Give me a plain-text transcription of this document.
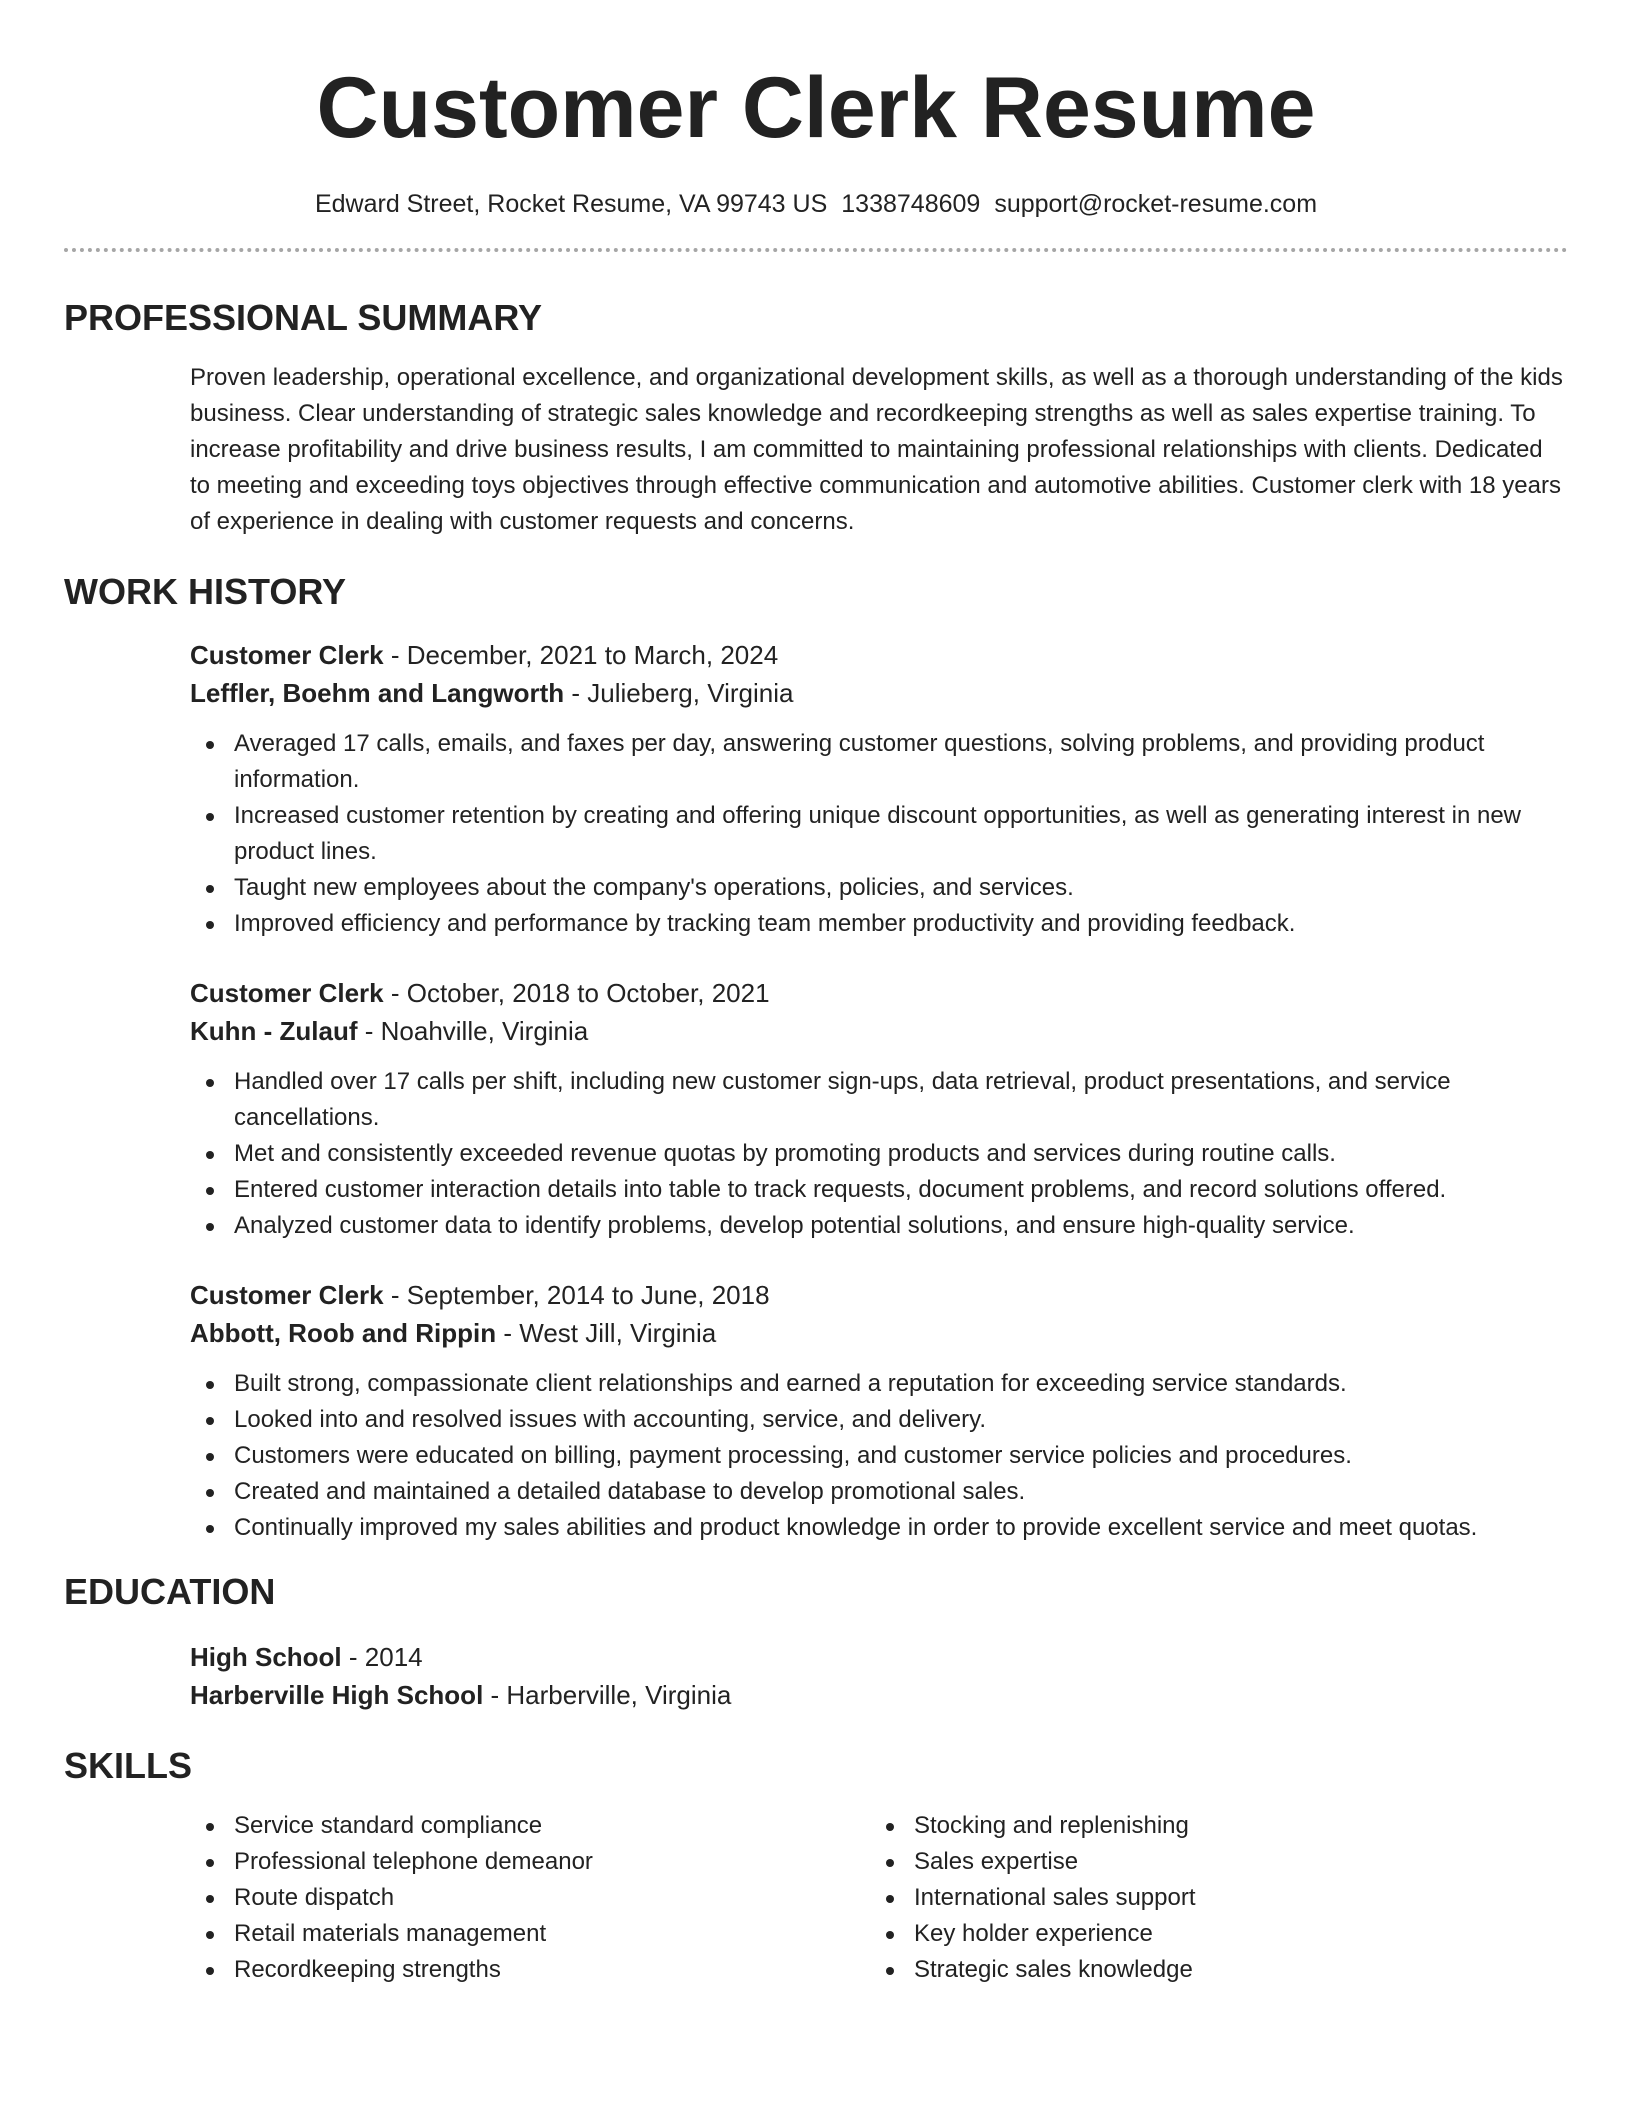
Customer Clerk Resume
Edward Street, Rocket Resume, VA 99743 US 1338748609 support@rocket-resume.com
PROFESSIONAL SUMMARY

Proven leadership, operational excellence, and organizational development skills, as well as a thorough understanding of the kids business. Clear understanding of strategic sales knowledge and recordkeeping strengths as well as sales expertise training. To increase profitability and drive business results, I am committed to maintaining professional relationships with clients. Dedicated to meeting and exceeding toys objectives through effective communication and automotive abilities. Customer clerk with 18 years of experience in dealing with customer requests and concerns.

WORK HISTORY
Customer Clerk - December, 2021 to March, 2024
Leffler, Boehm and Langworth - Julieberg, Virginia
Averaged 17 calls, emails, and faxes per day, answering customer questions, solving problems, and providing product information.
Increased customer retention by creating and offering unique discount opportunities, as well as generating interest in new product lines.
Taught new employees about the company's operations, policies, and services.
Improved efficiency and performance by tracking team member productivity and providing feedback.
Customer Clerk - October, 2018 to October, 2021
Kuhn - Zulauf - Noahville, Virginia
Handled over 17 calls per shift, including new customer sign-ups, data retrieval, product presentations, and service cancellations.
Met and consistently exceeded revenue quotas by promoting products and services during routine calls.
Entered customer interaction details into table to track requests, document problems, and record solutions offered.
Analyzed customer data to identify problems, develop potential solutions, and ensure high-quality service.
Customer Clerk - September, 2014 to June, 2018
Abbott, Roob and Rippin - West Jill, Virginia
Built strong, compassionate client relationships and earned a reputation for exceeding service standards.
Looked into and resolved issues with accounting, service, and delivery.
Customers were educated on billing, payment processing, and customer service policies and procedures.
Created and maintained a detailed database to develop promotional sales.
Continually improved my sales abilities and product knowledge in order to provide excellent service and meet quotas.
EDUCATION
High School - 2014
Harberville High School - Harberville, Virginia
SKILLS
Service standard compliance
Professional telephone demeanor
Route dispatch
Retail materials management
Recordkeeping strengths
Stocking and replenishing
Sales expertise
International sales support
Key holder experience
Strategic sales knowledge
